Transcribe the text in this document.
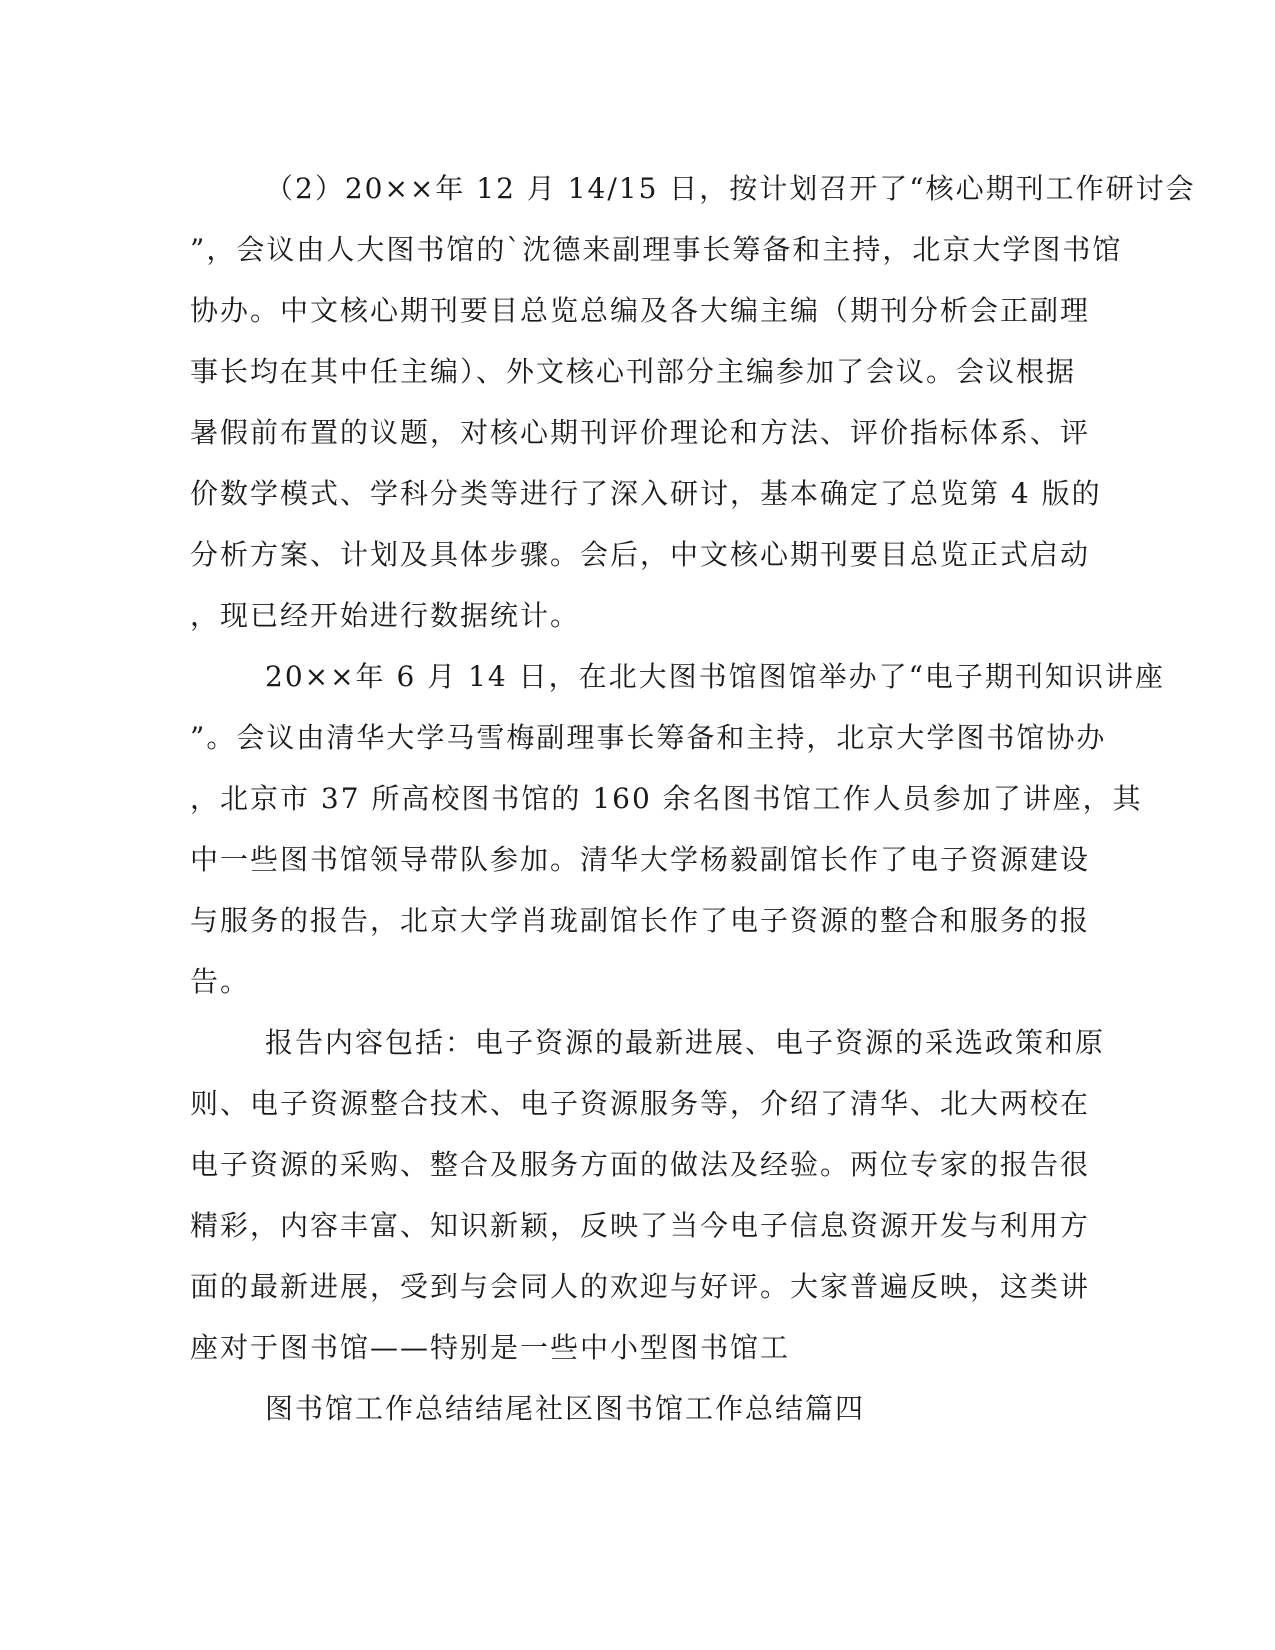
（2）20××年 12 月 14/15 日，按计划召开了“核心期刊工作研讨会
”，会议由人大图书馆的`沈德来副理事长筹备和主持，北京大学图书馆
协办。中文核心期刊要目总览总编及各大编主编（期刊分析会正副理
事长均在其中任主编）、外文核心刊部分主编参加了会议。会议根据
暑假前布置的议题，对核心期刊评价理论和方法、评价指标体系、评
价数学模式、学科分类等进行了深入研讨，基本确定了总览第 4 版的
分析方案、计划及具体步骤。会后，中文核心期刊要目总览正式启动
，现已经开始进行数据统计。
20××年 6 月 14 日，在北大图书馆图馆举办了“电子期刊知识讲座
”。会议由清华大学马雪梅副理事长筹备和主持，北京大学图书馆协办
，北京市 37 所高校图书馆的 160 余名图书馆工作人员参加了讲座，其
中一些图书馆领导带队参加。清华大学杨毅副馆长作了电子资源建设
与服务的报告，北京大学肖珑副馆长作了电子资源的整合和服务的报
告。
报告内容包括：电子资源的最新进展、电子资源的采选政策和原
则、电子资源整合技术、电子资源服务等，介绍了清华、北大两校在
电子资源的采购、整合及服务方面的做法及经验。两位专家的报告很
精彩，内容丰富、知识新颖，反映了当今电子信息资源开发与利用方
面的最新进展，受到与会同人的欢迎与好评。大家普遍反映，这类讲
座对于图书馆——特别是一些中小型图书馆工
图书馆工作总结结尾社区图书馆工作总结篇四
